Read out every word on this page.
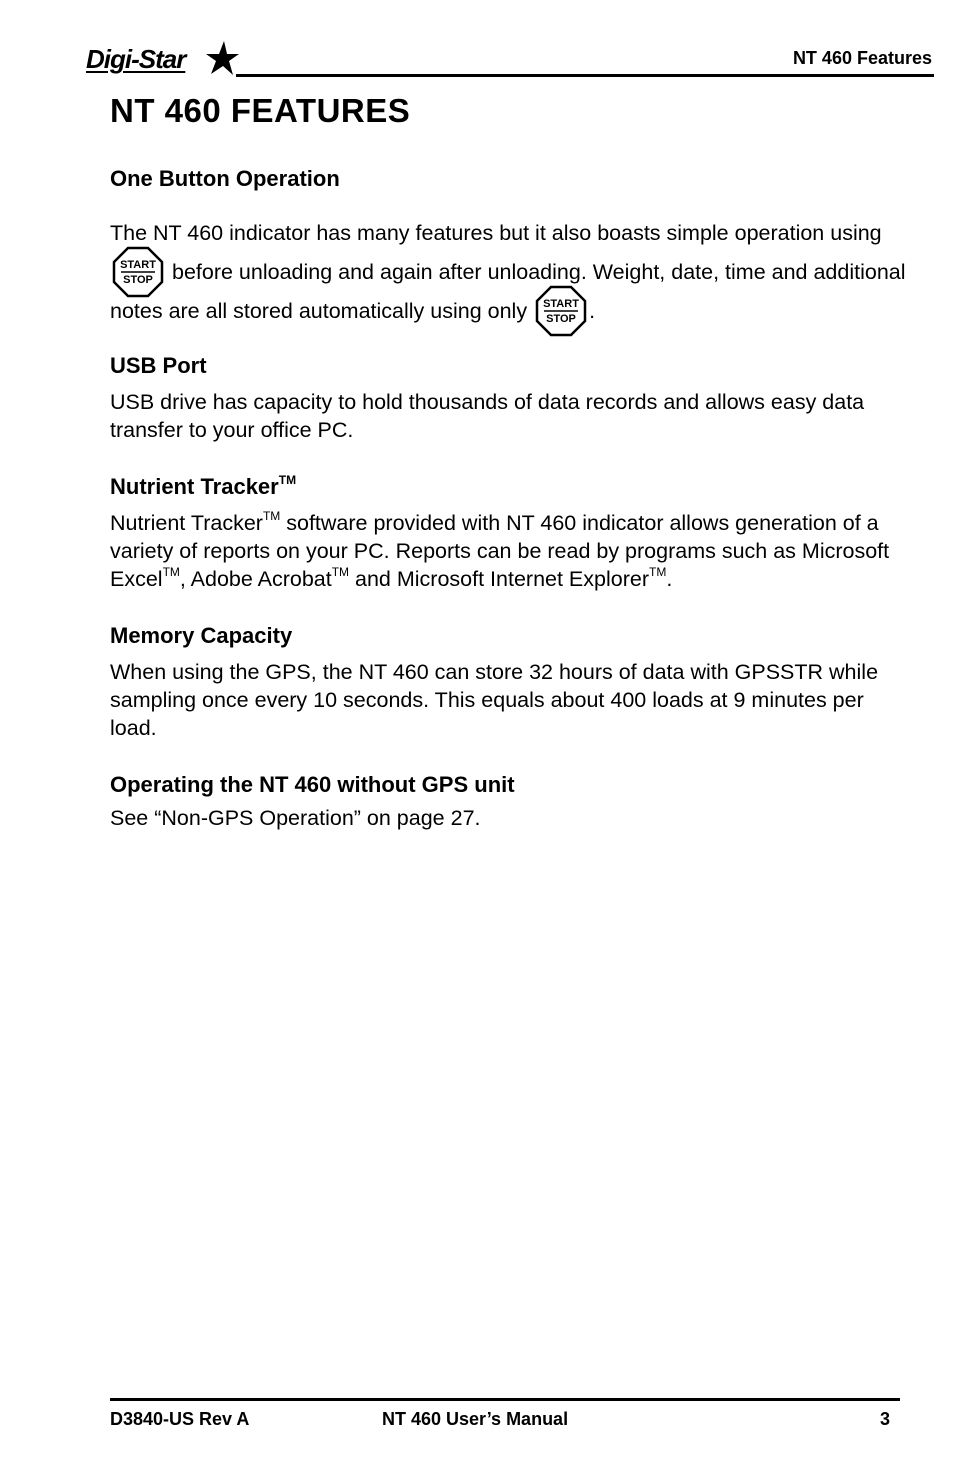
Digi-Star	NT 460 Features
NT 460 FEATURES
One Button Operation

The NT 460 indicator has many features but it also boasts simple operation using
START
STOP before unloading and again after unloading. Weight, date, time and additional notes are all stored automatically using only START
STOP .

USB Port

USB drive has capacity to hold thousands of data records and allows easy data transfer to your office PC.

Nutrient Tracker™

Nutrient Tracker™ software provided with NT 460 indicator allows generation of a variety of reports on your PC. Reports can be read by programs such as Microsoft Excel™, Adobe Acrobat™ and Microsoft Internet Explorer™.

Memory Capacity

When using the GPS, the NT 460 can store 32 hours of data with GPSSTR while sampling once every 10 seconds. This equals about 400 loads at 9 minutes per load.

Operating the NT 460 without GPS unit

See “Non-GPS Operation” on page 27.

D3840-US Rev A	NT 460 User’s Manual	3
